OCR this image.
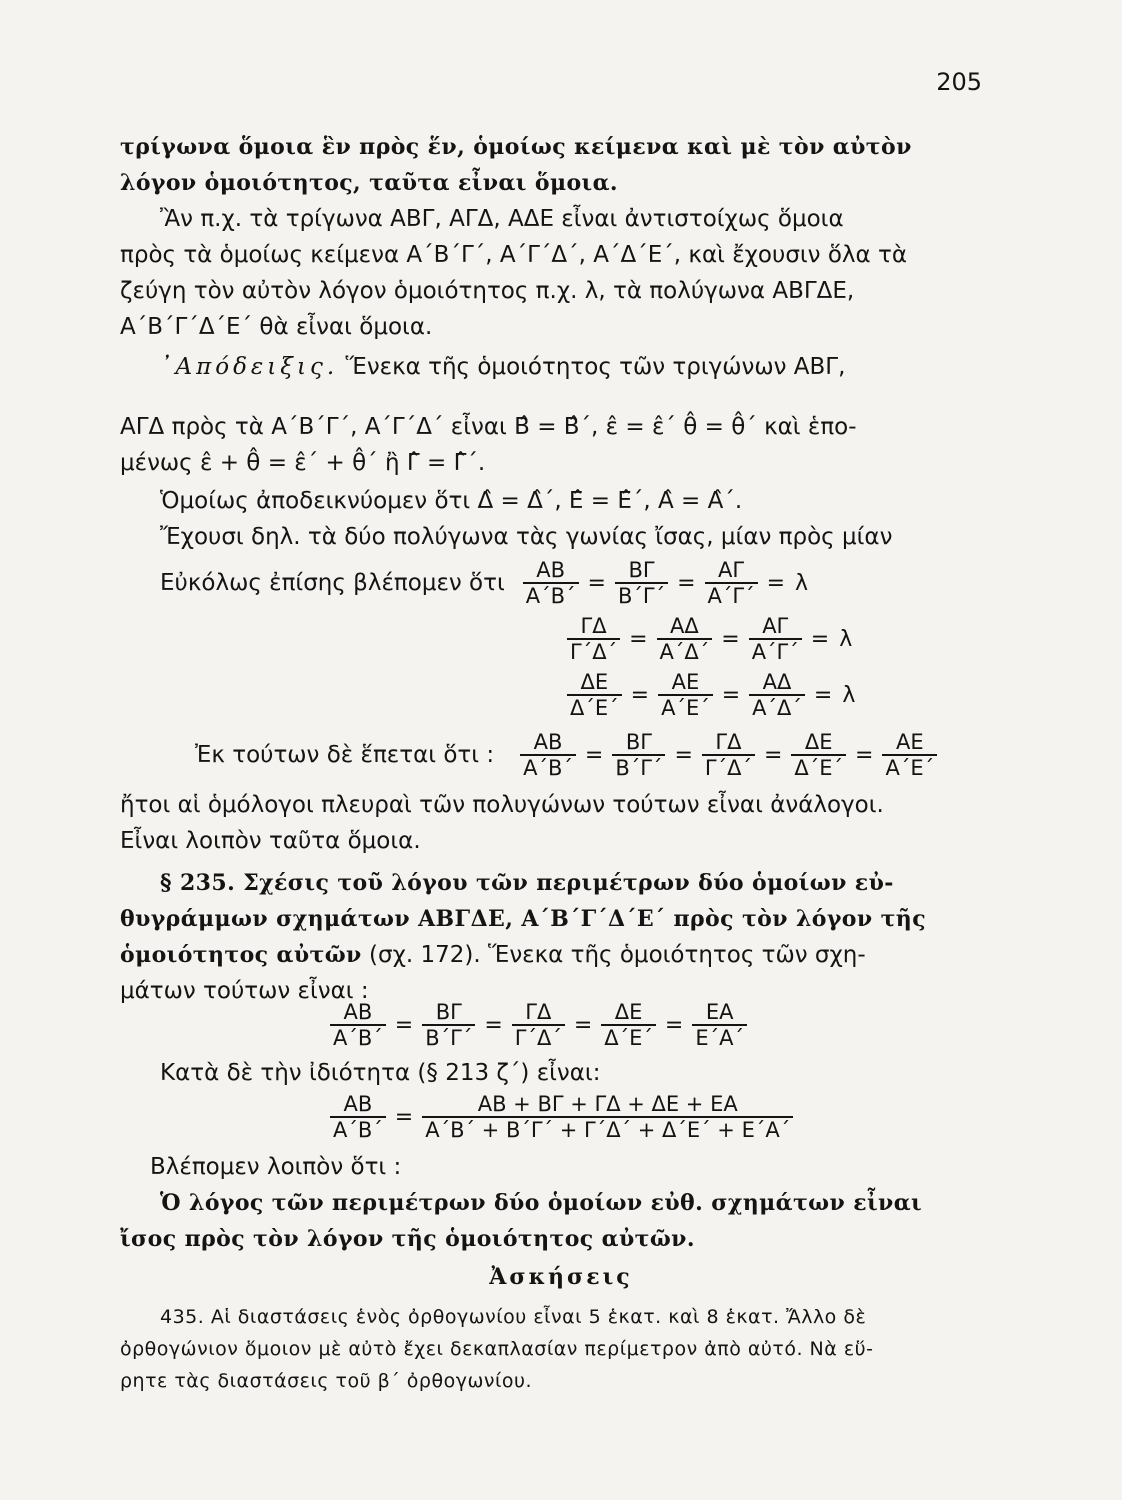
205
τρίγωνα ὅμοια ἓν πρὸς ἕν, ὁμοίως κείμενα καὶ μὲ τὸν αὐτὸν
λόγον ὁμοιότητος, ταῦτα εἶναι ὅμοια.
Ἂν π.χ. τὰ τρίγωνα ΑΒΓ, ΑΓΔ, ΑΔΕ εἶναι ἀντιστοίχως ὅμοια
πρὸς τὰ ὁμοίως κείμενα Α΄Β΄Γ΄, Α΄Γ΄Δ΄, Α΄Δ΄Ε΄, καὶ ἔχουσιν ὅλα τὰ
ζεύγη τὸν αὐτὸν λόγον ὁμοιότητος π.χ. λ, τὰ πολύγωνα ΑΒΓΔΕ,
Α΄Β΄Γ΄Δ΄Ε΄ θὰ εἶναι ὅμοια.
᾿Απόδειξις. Ἕνεκα τῆς ὁμοιότητος τῶν τριγώνων ΑΒΓ,
ΑΓΔ πρὸς τὰ Α΄Β΄Γ΄, Α΄Γ΄Δ΄ εἶναι Β̂ = Β̂΄, ε̂ = ε̂΄ θ̂ = θ̂΄ καὶ ἑπο-
μένως ε̂ + θ̂ = ε̂΄ + θ̂΄ ἢ Γ̂ = Γ̂΄.
Ὁμοίως ἀποδεικνύομεν ὅτι Δ̂ = Δ̂΄, Ε̂ = Ε̂΄, Α̂ = Α̂΄.
Ἔχουσι δηλ. τὰ δύο πολύγωνα τὰς γωνίας ἴσας, μίαν πρὸς μίαν
Εὐκόλως ἐπίσης βλέπομεν ὅτι $\frac{AB}{A΄B΄} = \frac{B\Gamma}{B΄\Gamma΄} = \frac{A\Gamma}{A΄\Gamma΄} = \lambda$
$\frac{\Gamma\Delta}{\Gamma΄\Delta΄} = \frac{A\Delta}{A΄\Delta΄} = \frac{A\Gamma}{A΄\Gamma΄} = \lambda$
$\frac{\Delta E}{\Delta΄E΄} = \frac{AE}{A΄E΄} = \frac{A\Delta}{A΄\Delta΄} = \lambda$
Ἐκ τούτων δὲ ἕπεται ὅτι : $\frac{AB}{A΄B΄} = \frac{B\Gamma}{B΄\Gamma΄} = \frac{\Gamma\Delta}{\Gamma΄\Delta΄} = \frac{\Delta E}{\Delta΄E΄} = \frac{AE}{A΄E΄}$
ἤτοι αἱ ὁμόλογοι πλευραὶ τῶν πολυγώνων τούτων εἶναι ἀνάλογοι.
Εἶναι λοιπὸν ταῦτα ὅμοια.
§ 235. Σχέσις τοῦ λόγου τῶν περιμέτρων δύο ὁμοίων εὐ-
θυγράμμων σχημάτων ΑΒΓΔΕ, Α΄Β΄Γ΄Δ΄Ε΄ πρὸς τὸν λόγον τῆς
ὁμοιότητος αὐτῶν (σχ. 172). Ἕνεκα τῆς ὁμοιότητος τῶν σχη-
μάτων τούτων εἶναι :
$\frac{AB}{A΄B΄} = \frac{B\Gamma}{B΄\Gamma΄} = \frac{\Gamma\Delta}{\Gamma΄\Delta΄} = \frac{\Delta E}{\Delta΄E΄} = \frac{EA}{E΄A΄}$
Κατὰ δὲ τὴν ἰδιότητα (§ 213 ζ΄) εἶναι:
$\frac{AB}{A΄B΄} = \frac{AB + B\Gamma + \Gamma\Delta + \Delta E + EA}{A΄B΄ + B΄\Gamma΄ + \Gamma΄\Delta΄ + \Delta΄E΄ + E΄A΄}$
Βλέπομεν λοιπὸν ὅτι :
Ὁ λόγος τῶν περιμέτρων δύο ὁμοίων εὐθ. σχημάτων εἶναι
ἴσος πρὸς τὸν λόγον τῆς ὁμοιότητος αὐτῶν.
Ἀσκήσεις
435. Αἱ διαστάσεις ἑνὸς ὀρθογωνίου εἶναι 5 ἑκατ. καὶ 8 ἑκατ. Ἄλλο δὲ
ὀρθογώνιον ὅμοιον μὲ αὐτὸ ἔχει δεκαπλασίαν περίμετρον ἀπὸ αὐτό. Νὰ εὕ-
ρητε τὰς διαστάσεις τοῦ β΄ ὀρθογωνίου.
